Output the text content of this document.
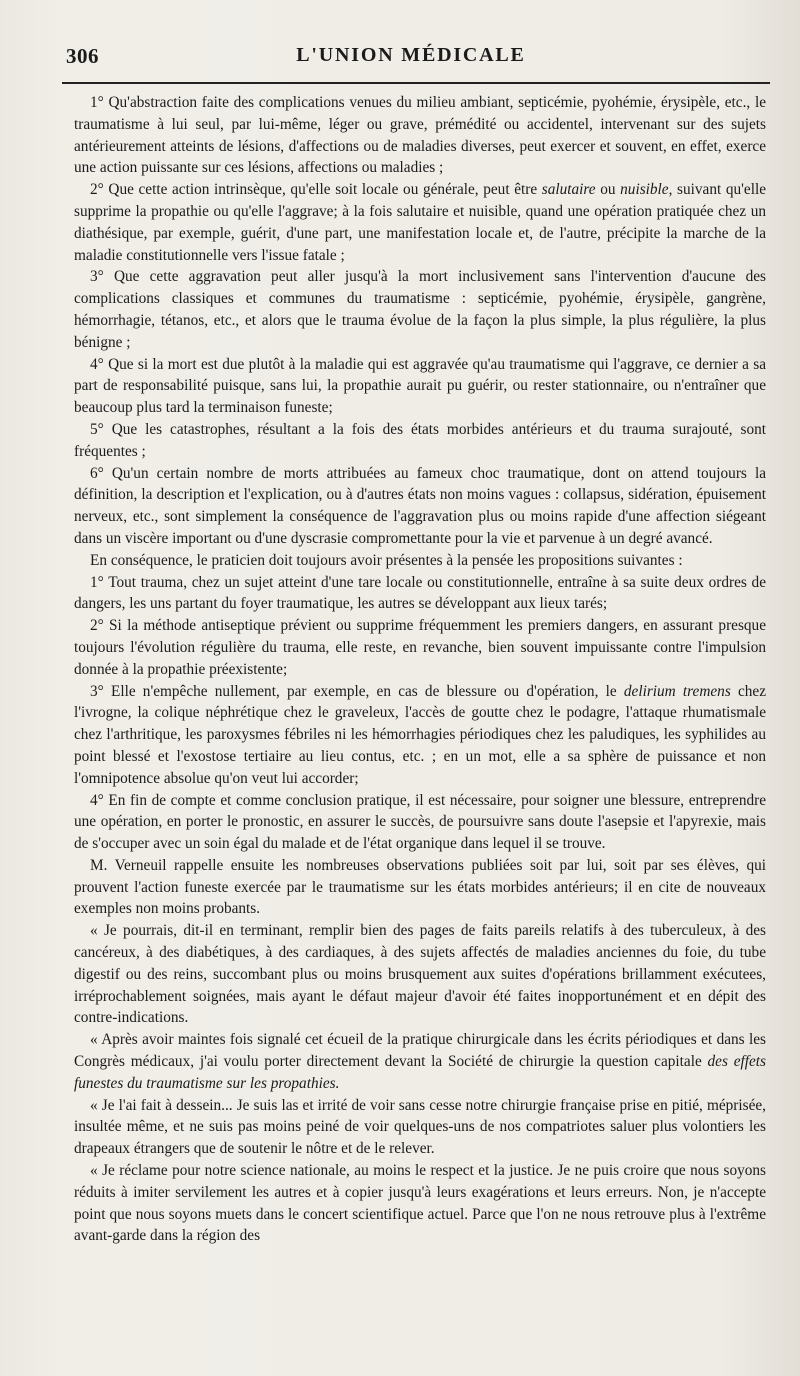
306	L'UNION MÉDICALE

1° Qu'abstraction faite des complications venues du milieu ambiant, septicémie, pyohémie, érysipèle, etc., le traumatisme à lui seul, par lui-même, léger ou grave, prémédité ou accidentel, intervenant sur des sujets antérieurement atteints de lésions, d'affections ou de maladies diverses, peut exercer et souvent, en effet, exerce une action puissante sur ces lésions, affections ou maladies ;

2° Que cette action intrinsèque, qu'elle soit locale ou générale, peut être salutaire ou nuisible, suivant qu'elle supprime la propathie ou qu'elle l'aggrave; à la fois salutaire et nuisible, quand une opération pratiquée chez un diathésique, par exemple, guérit, d'une part, une manifestation locale et, de l'autre, précipite la marche de la maladie constitutionnelle vers l'issue fatale ;

3° Que cette aggravation peut aller jusqu'à la mort inclusivement sans l'intervention d'aucune des complications classiques et communes du traumatisme : septicémie, pyohémie, érysipèle, gangrène, hémorrhagie, tétanos, etc., et alors que le trauma évolue de la façon la plus simple, la plus régulière, la plus bénigne ;

4° Que si la mort est due plutôt à la maladie qui est aggravée qu'au traumatisme qui l'aggrave, ce dernier a sa part de responsabilité puisque, sans lui, la propathie aurait pu guérir, ou rester stationnaire, ou n'entraîner que beaucoup plus tard la terminaison funeste;

5° Que les catastrophes, résultant a la fois des états morbides antérieurs et du trauma surajouté, sont fréquentes ;

6° Qu'un certain nombre de morts attribuées au fameux choc traumatique, dont on attend toujours la définition, la description et l'explication, ou à d'autres états non moins vagues : collapsus, sidération, épuisement nerveux, etc., sont simplement la conséquence de l'aggravation plus ou moins rapide d'une affection siégeant dans un viscère important ou d'une dyscrasie compromettante pour la vie et parvenue à un degré avancé.

En conséquence, le praticien doit toujours avoir présentes à la pensée les propositions suivantes :

1° Tout trauma, chez un sujet atteint d'une tare locale ou constitutionnelle, entraîne à sa suite deux ordres de dangers, les uns partant du foyer traumatique, les autres se développant aux lieux tarés;

2° Si la méthode antiseptique prévient ou supprime fréquemment les premiers dangers, en assurant presque toujours l'évolution régulière du trauma, elle reste, en revanche, bien souvent impuissante contre l'impulsion donnée à la propathie préexistente;

3° Elle n'empêche nullement, par exemple, en cas de blessure ou d'opération, le delirium tremens chez l'ivrogne, la colique néphrétique chez le graveleux, l'accès de goutte chez le podagre, l'attaque rhumatismale chez l'arthritique, les paroxysmes fébriles ni les hémorrhagies périodiques chez les paludiques, les syphilides au point blessé et l'exostose tertiaire au lieu contus, etc. ; en un mot, elle a sa sphère de puissance et non l'omnipotence absolue qu'on veut lui accorder;

4° En fin de compte et comme conclusion pratique, il est nécessaire, pour soigner une blessure, entreprendre une opération, en porter le pronostic, en assurer le succès, de poursuivre sans doute l'asepsie et l'apyrexie, mais de s'occuper avec un soin égal du malade et de l'état organique dans lequel il se trouve.

M. Verneuil rappelle ensuite les nombreuses observations publiées soit par lui, soit par ses élèves, qui prouvent l'action funeste exercée par le traumatisme sur les états morbides antérieurs; il en cite de nouveaux exemples non moins probants.

« Je pourrais, dit-il en terminant, remplir bien des pages de faits pareils relatifs à des tuberculeux, à des cancéreux, à des diabétiques, à des cardiaques, à des sujets affectés de maladies anciennes du foie, du tube digestif ou des reins, succombant plus ou moins brusquement aux suites d'opérations brillamment exécutees, irréprochablement soignées, mais ayant le défaut majeur d'avoir été faites inopportunément et en dépit des contre-indications.

« Après avoir maintes fois signalé cet écueil de la pratique chirurgicale dans les écrits périodiques et dans les Congrès médicaux, j'ai voulu porter directement devant la Société de chirurgie la question capitale des effets funestes du traumatisme sur les propathies.

« Je l'ai fait à dessein... Je suis las et irrité de voir sans cesse notre chirurgie française prise en pitié, méprisée, insultée même, et ne suis pas moins peiné de voir quelques-uns de nos compatriotes saluer plus volontiers les drapeaux étrangers que de soutenir le nôtre et de le relever.

« Je réclame pour notre science nationale, au moins le respect et la justice. Je ne puis croire que nous soyons réduits à imiter servilement les autres et à copier jusqu'à leurs exagérations et leurs erreurs. Non, je n'accepte point que nous soyons muets dans le concert scientifique actuel. Parce que l'on ne nous retrouve plus à l'extrême avant-garde dans la région des
